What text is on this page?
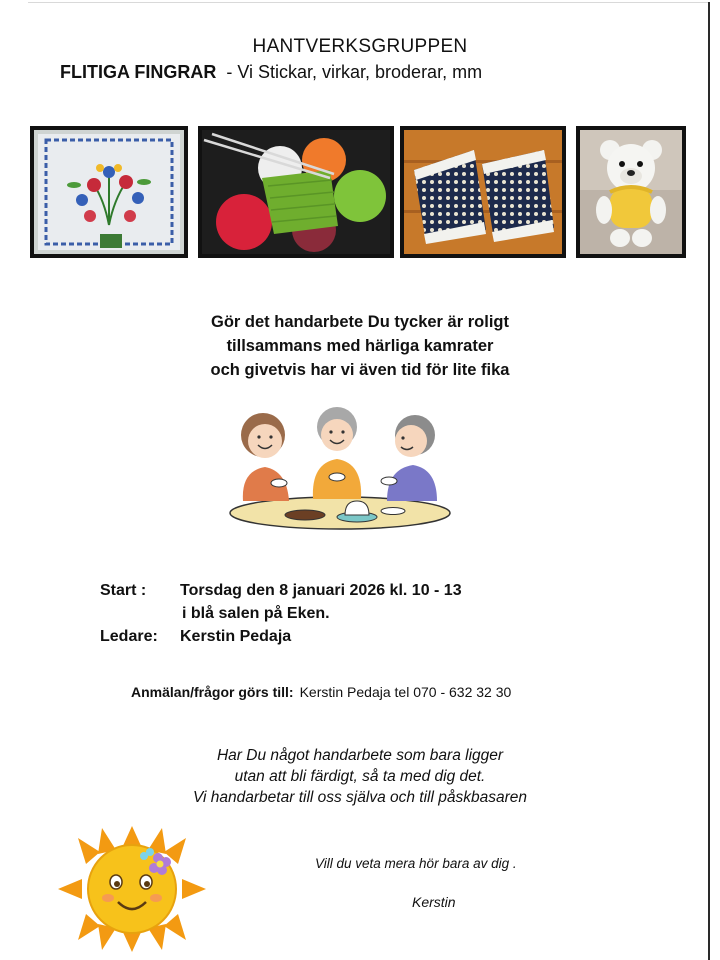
HANTVERKSGRUPPEN
FLITIGA FINGRAR - Vi Stickar, virkar, broderar, mm

Gör det handarbete Du tycker är roligt

tillsammans med härliga kamrater

och givetvis har vi även tid för lite fika

Start : Torsdag den 8 januari 2026 kl. 10 - 13
i blå salen på Eken.
Ledare: Kerstin Pedaja
Anmälan/frågor görs till: Kerstin Pedaja tel 070 - 632 32 30

Har Du något handarbete som bara ligger

utan att bli färdigt, så ta med dig det.

Vi handarbetar till oss själva och till påskbasaren

Vill du veta mera hör bara av dig .
Kerstin
